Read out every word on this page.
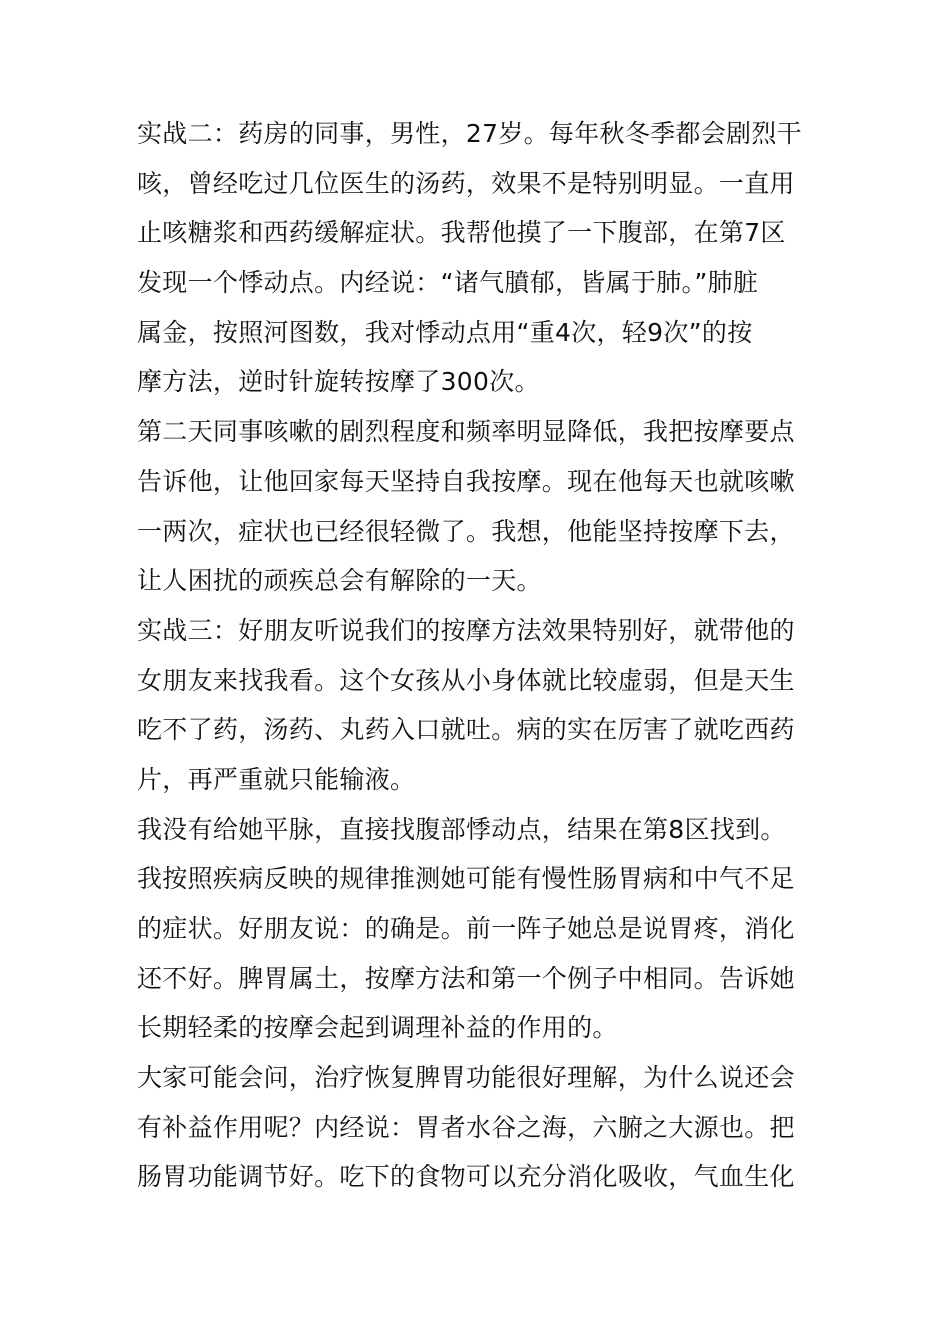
实战二：药房的同事，男性，27岁。每年秋冬季都会剧烈干
咳，曾经吃过几位医生的汤药，效果不是特别明显。一直用
止咳糖浆和西药缓解症状。我帮他摸了一下腹部，在第7区
发现一个悸动点。内经说：“诸气膹郁，皆属于肺。”肺脏
属金，按照河图数，我对悸动点用“重4次，轻9次”的按
摩方法，逆时针旋转按摩了300次。
第二天同事咳嗽的剧烈程度和频率明显降低，我把按摩要点
告诉他，让他回家每天坚持自我按摩。现在他每天也就咳嗽
一两次，症状也已经很轻微了。我想，他能坚持按摩下去，
让人困扰的顽疾总会有解除的一天。
实战三：好朋友听说我们的按摩方法效果特别好，就带他的
女朋友来找我看。这个女孩从小身体就比较虚弱，但是天生
吃不了药，汤药、丸药入口就吐。病的实在厉害了就吃西药
片，再严重就只能输液。
我没有给她平脉，直接找腹部悸动点，结果在第8区找到。
我按照疾病反映的规律推测她可能有慢性肠胃病和中气不足
的症状。好朋友说：的确是。前一阵子她总是说胃疼，消化
还不好。脾胃属土，按摩方法和第一个例子中相同。告诉她
长期轻柔的按摩会起到调理补益的作用的。
大家可能会问，治疗恢复脾胃功能很好理解，为什么说还会
有补益作用呢？内经说：胃者水谷之海，六腑之大源也。把
肠胃功能调节好。吃下的食物可以充分消化吸收，气血生化
